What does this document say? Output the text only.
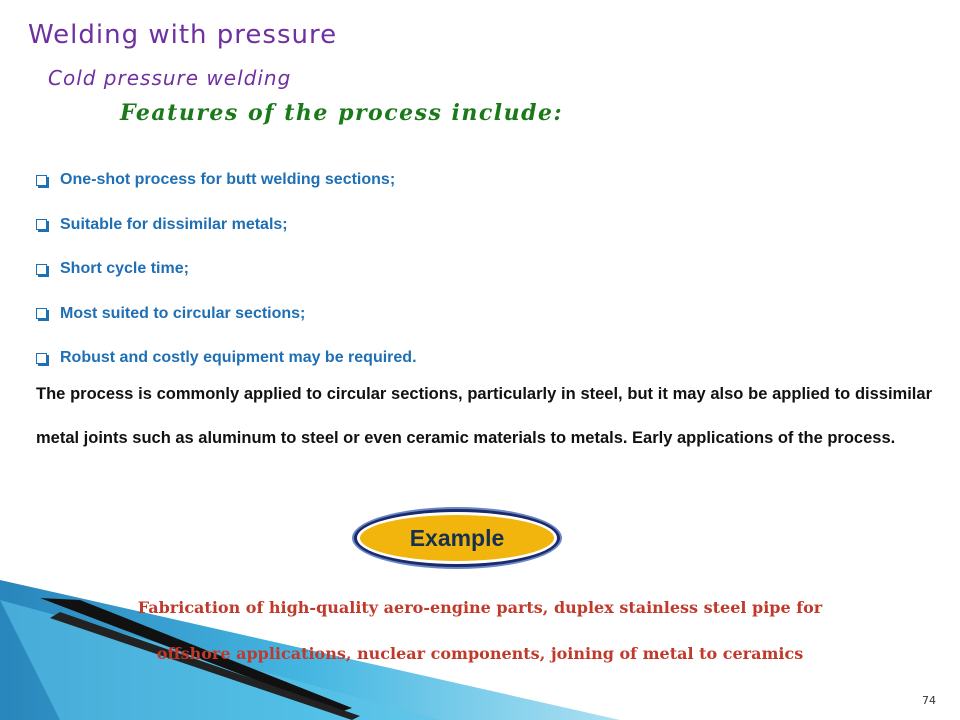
Welding with pressure
Cold pressure welding
Features of the process include:
One-shot process for butt welding sections;
Suitable for dissimilar metals;
Short cycle time;
Most suited to circular sections;
Robust and costly equipment may be required.
The process is commonly applied to circular sections, particularly in steel, but it may also be applied to dissimilar metal joints such as aluminum to steel or even ceramic materials to metals. Early applications of the process.
Example
Fabrication of high-quality aero-engine parts, duplex stainless steel pipe for
offshore applications, nuclear components, joining of metal to ceramics
74
